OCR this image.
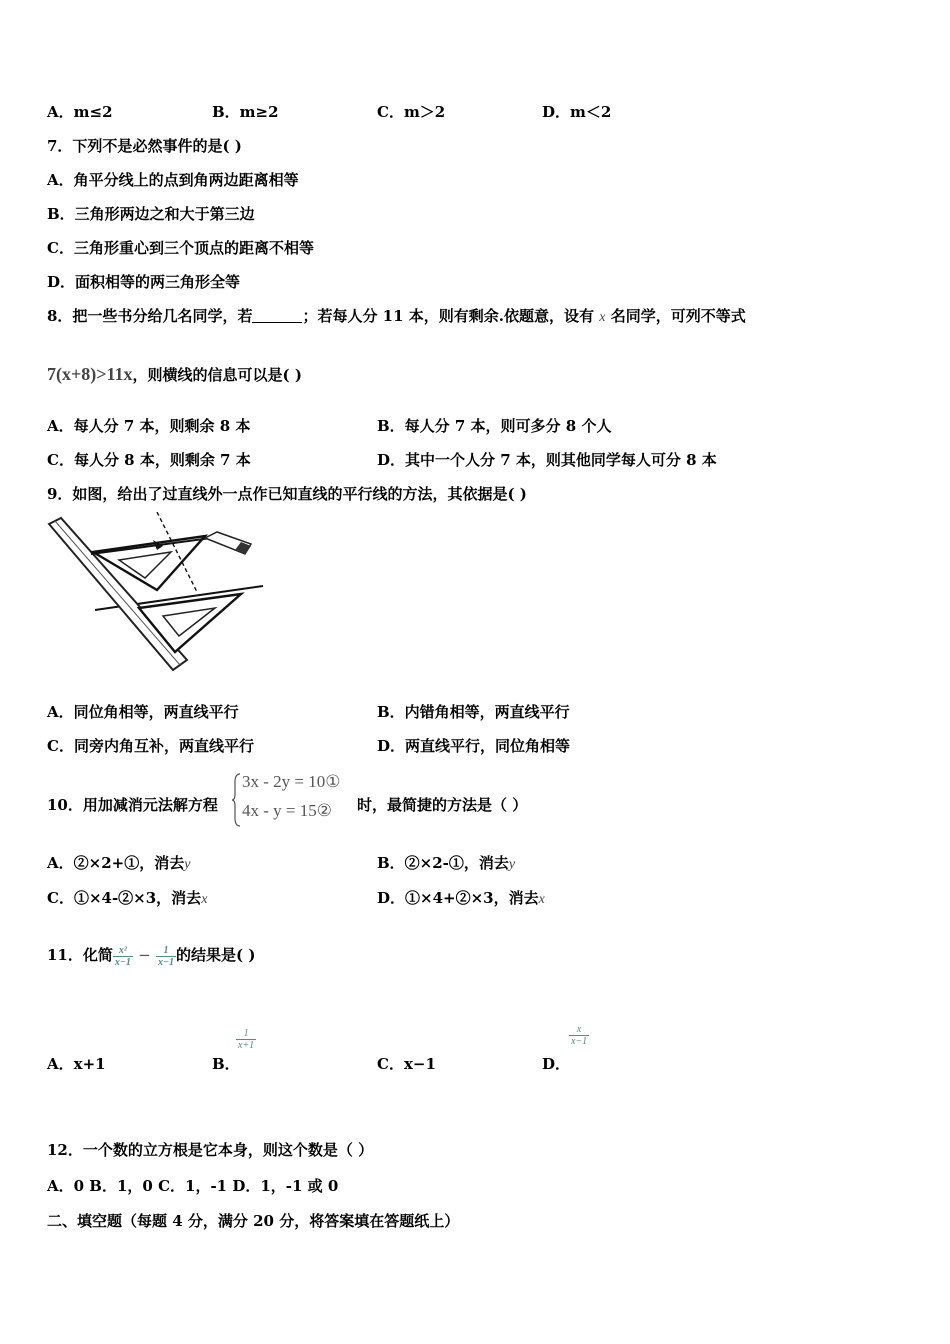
A．m≤2	B．m≥2	C．m＞2	D．m＜2
7．下列不是必然事件的是( )
A．角平分线上的点到角两边距离相等
B．三角形两边之和大于第三边
C．三角形重心到三个顶点的距离不相等
D．面积相等的两三角形全等
8．把一些书分给几名同学，若	；若每人分 11 本，则有剩余.依题意，设有 x 名同学，可列不等式
7(x+8)>11x，则横线的信息可以是( )
A．每人分 7 本，则剩余 8 本	B．每人分 7 本，则可多分 8 个人
C．每人分 8 本，则剩余 7 本	D．其中一个人分 7 本，则其他同学每人可分 8 本
9．如图，给出了过直线外一点作已知直线的平行线的方法，其依据是( )
A．同位角相等，两直线平行	B．内错角相等，两直线平行
C．同旁内角互补，两直线平行	D．两直线平行，同位角相等
10．用加减消元法解方程
3x - 2y = 10①
4x - y = 15② 时，最简捷的方法是（ ）
A．②×2+①，消去y	B．②×2-①，消去y
C．①×4-②×3，消去x	D．①×4+②×3，消去x
11．化简 $\frac{\text{x²}}{x-1} - \frac{1}{x-1}$ 的结果是( )
A．x+1	B．
$\frac{1}{x+1}$
C．x−1	D．
$\frac{x}{x-1}$
12．一个数的立方根是它本身，则这个数是（ ）
A．0 B．1，0 C．1，-1 D．1，-1 或 0
二、填空题（每题 4 分，满分 20 分，将答案填在答题纸上）
